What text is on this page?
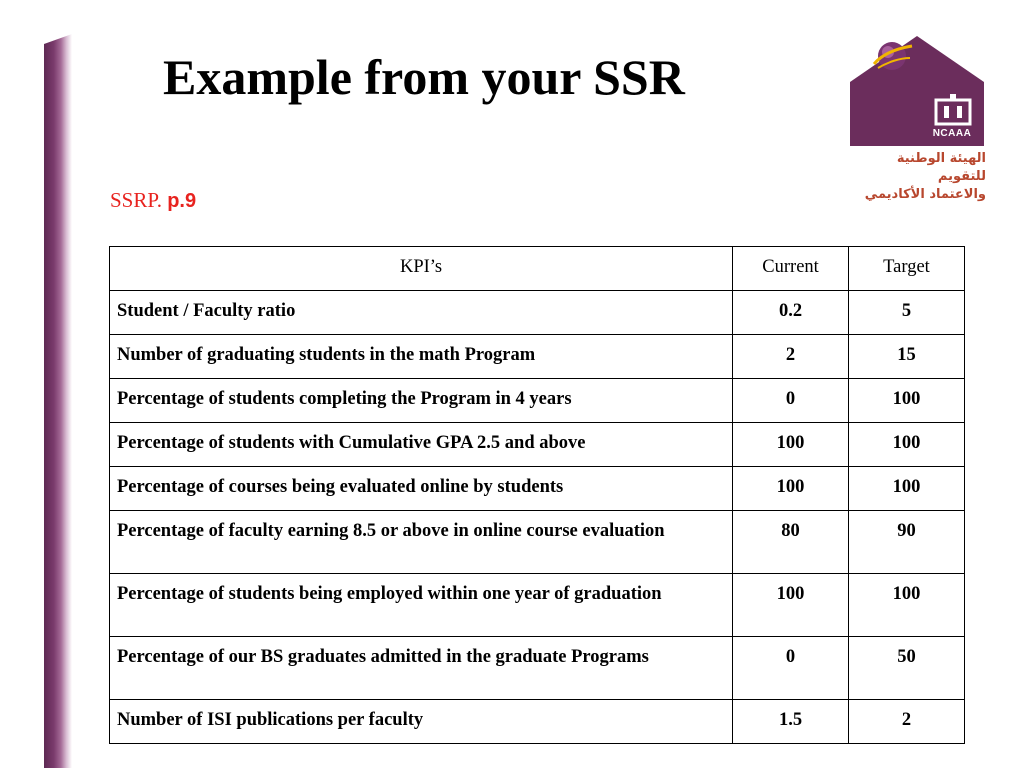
Example from your SSR
SSRP. p.9
NCAAA
الهيئة الوطنية للتقويم
والاعتماد الأكاديمي
KPI’s	Current	Target
Student / Faculty ratio	0.2	5
Number of graduating students in the math Program	2	15
Percentage of students completing the Program in 4 years	0	100
Percentage of students with Cumulative GPA 2.5 and above	100	100
Percentage of courses being evaluated online by students	100	100
Percentage of faculty earning 8.5 or above in online course evaluation	80	90
Percentage of students being employed within one year of graduation	100	100
Percentage of our BS graduates admitted in the graduate Programs	0	50
Number of ISI publications per faculty	1.5	2
